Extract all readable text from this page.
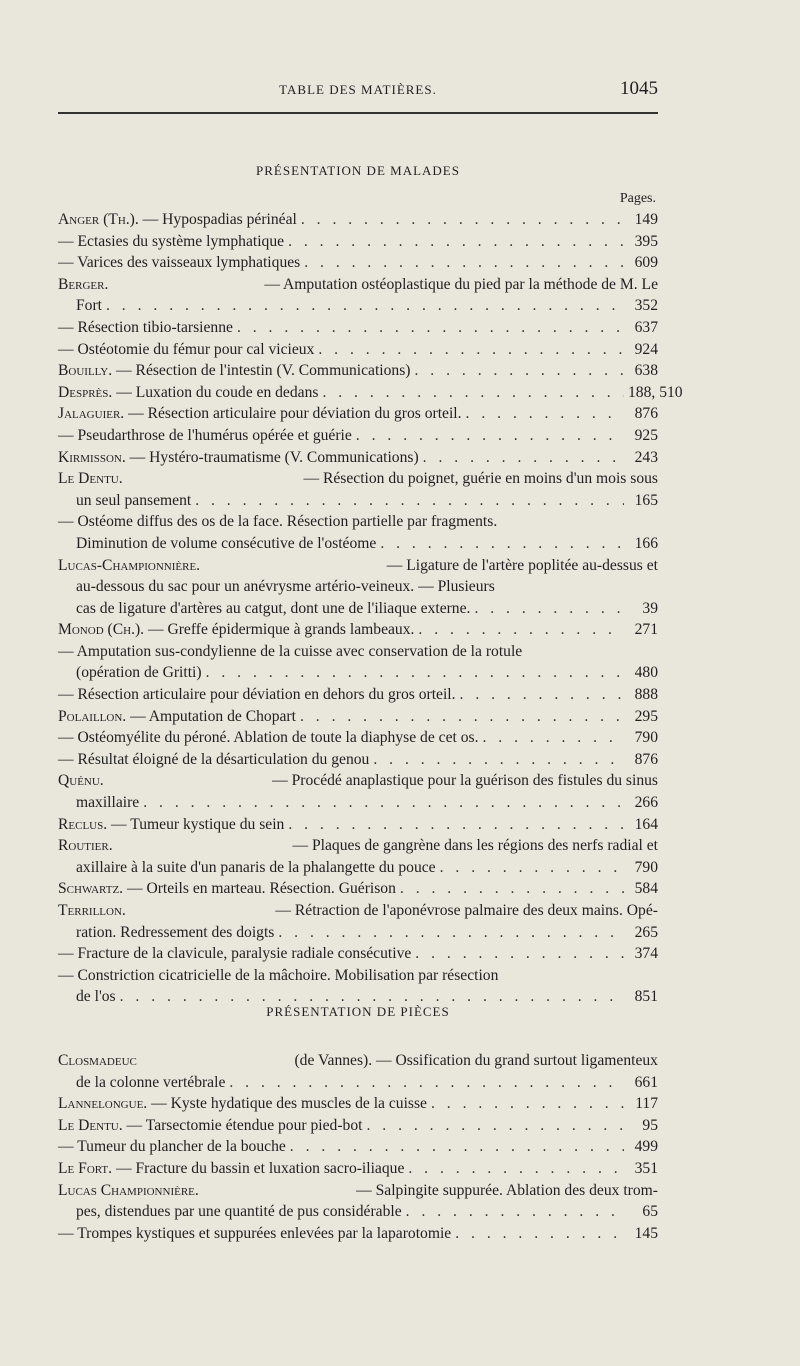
TABLE DES MATIÈRES.	1045
PRÉSENTATION DE MALADES
Pages.
Anger (Th.).
— Hypospadias périnéal . . .	149
— Ectasies du système lymphatique . . .	395
— Varices des vaisseaux lymphatiques . . .	609
Berger.
	— Amputation ostéoplastique du pied par la méthode de M. Le
Fort . . .	352
— Résection tibio-tarsienne . . .	637
— Ostéotomie du fémur pour cal vicieux . . .	924
Bouilly.
— Résection de l'intestin (V. Communications) . . .	638
Desprès.
— Luxation du coude en dedans . . .	188, 510
Jalaguier.
— Résection articulaire pour déviation du gros orteil. . . .	876
— Pseudarthrose de l'humérus opérée et guérie . . .	925
Kirmisson.
— Hystéro-traumatisme (V. Communications) . . .	243
Le Dentu.
	— Résection du poignet, guérie en moins d'un mois sous
un seul pansement . . .	165
— Ostéome diffus des os de la face. Résection partielle par fragments.
Diminution de volume consécutive de l'ostéome . . .	166
Lucas-Championnière.
	— Ligature de l'artère poplitée au-dessus et
au-dessous du sac pour un anévrysme artério-veineux. — Plusieurs
cas de ligature d'artères au catgut, dont une de l'iliaque externe. . . .	39
Monod (Ch.).
— Greffe épidermique à grands lambeaux. . . .	271
— Amputation sus-condylienne de la cuisse avec conservation de la rotule
(opération de Gritti) . . .	480
— Résection articulaire pour déviation en dehors du gros orteil. . . .	888
Polaillon.
— Amputation de Chopart . . .	295
— Ostéomyélite du péroné. Ablation de toute la diaphyse de cet os. . . .	790
— Résultat éloigné de la désarticulation du genou . . .	876
Quénu.
	— Procédé anaplastique pour la guérison des fistules du sinus
maxillaire . . .	266
Reclus.
— Tumeur kystique du sein . . .	164
Routier.
	— Plaques de gangrène dans les régions des nerfs radial et
axillaire à la suite d'un panaris de la phalangette du pouce . . .	790
Schwartz.
— Orteils en marteau. Résection. Guérison . . .	584
Terrillon.
	— Rétraction de l'aponévrose palmaire des deux mains. Opé-
ration. Redressement des doigts . . .	265
— Fracture de la clavicule, paralysie radiale consécutive . . .	374
— Constriction cicatricielle de la mâchoire. Mobilisation par résection
de l'os . . .	851
PRÉSENTATION DE PIÈCES
Closmadeuc
	(de Vannes). — Ossification du grand surtout ligamenteux
de la colonne vertébrale . . .	661
Lannelongue.
— Kyste hydatique des muscles de la cuisse . . .	117
Le Dentu.
— Tarsectomie étendue pour pied-bot . . .	95
— Tumeur du plancher de la bouche . . .	499
Le Fort.
— Fracture du bassin et luxation sacro-iliaque . . .	351
Lucas Championnière.
	— Salpingite suppurée. Ablation des deux trom-
pes, distendues par une quantité de pus considérable . . .	65
— Trompes kystiques et suppurées enlevées par la laparotomie . . .	145
